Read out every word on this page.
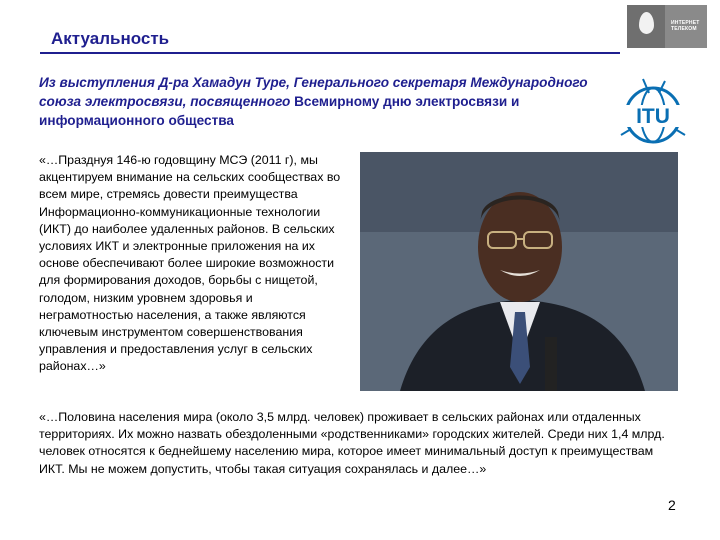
Актуальность
ИНТЕРНЕТ
ТЕЛЕКОМ

Из выступления Д-ра Хамадун Туре, Генерального секретаря Международного союза электросвязи, посвященного Всемирному дню электросвязи и информационного общества	ITU

«…Празднуя 146-ю годовщину МСЭ (2011 г), мы акцентируем внимание на сельских сообществах во всем мире, стремясь довести преимущества Информационно-коммуникационные технологии (ИКТ) до наиболее удаленных районов. В сельских условиях ИКТ и электронные приложения на их основе обеспечивают более широкие возможности для формирования доходов, борьбы с нищетой, голодом, низким уровнем здоровья и неграмотностью населения, а также являются ключевым инструментом совершенствования управления и предоставления услуг в сельских районах…»

«…Половина населения мира (около 3,5 млрд. человек) проживает в сельских районах или отдаленных территориях. Их можно назвать обездоленными «родственниками» городских жителей. Среди них 1,4 млрд. человек относятся к беднейшему населению мира, которое имеет минимальный доступ к преимуществам ИКТ. Мы не можем допустить, чтобы такая ситуация сохранялась и далее…»

2
